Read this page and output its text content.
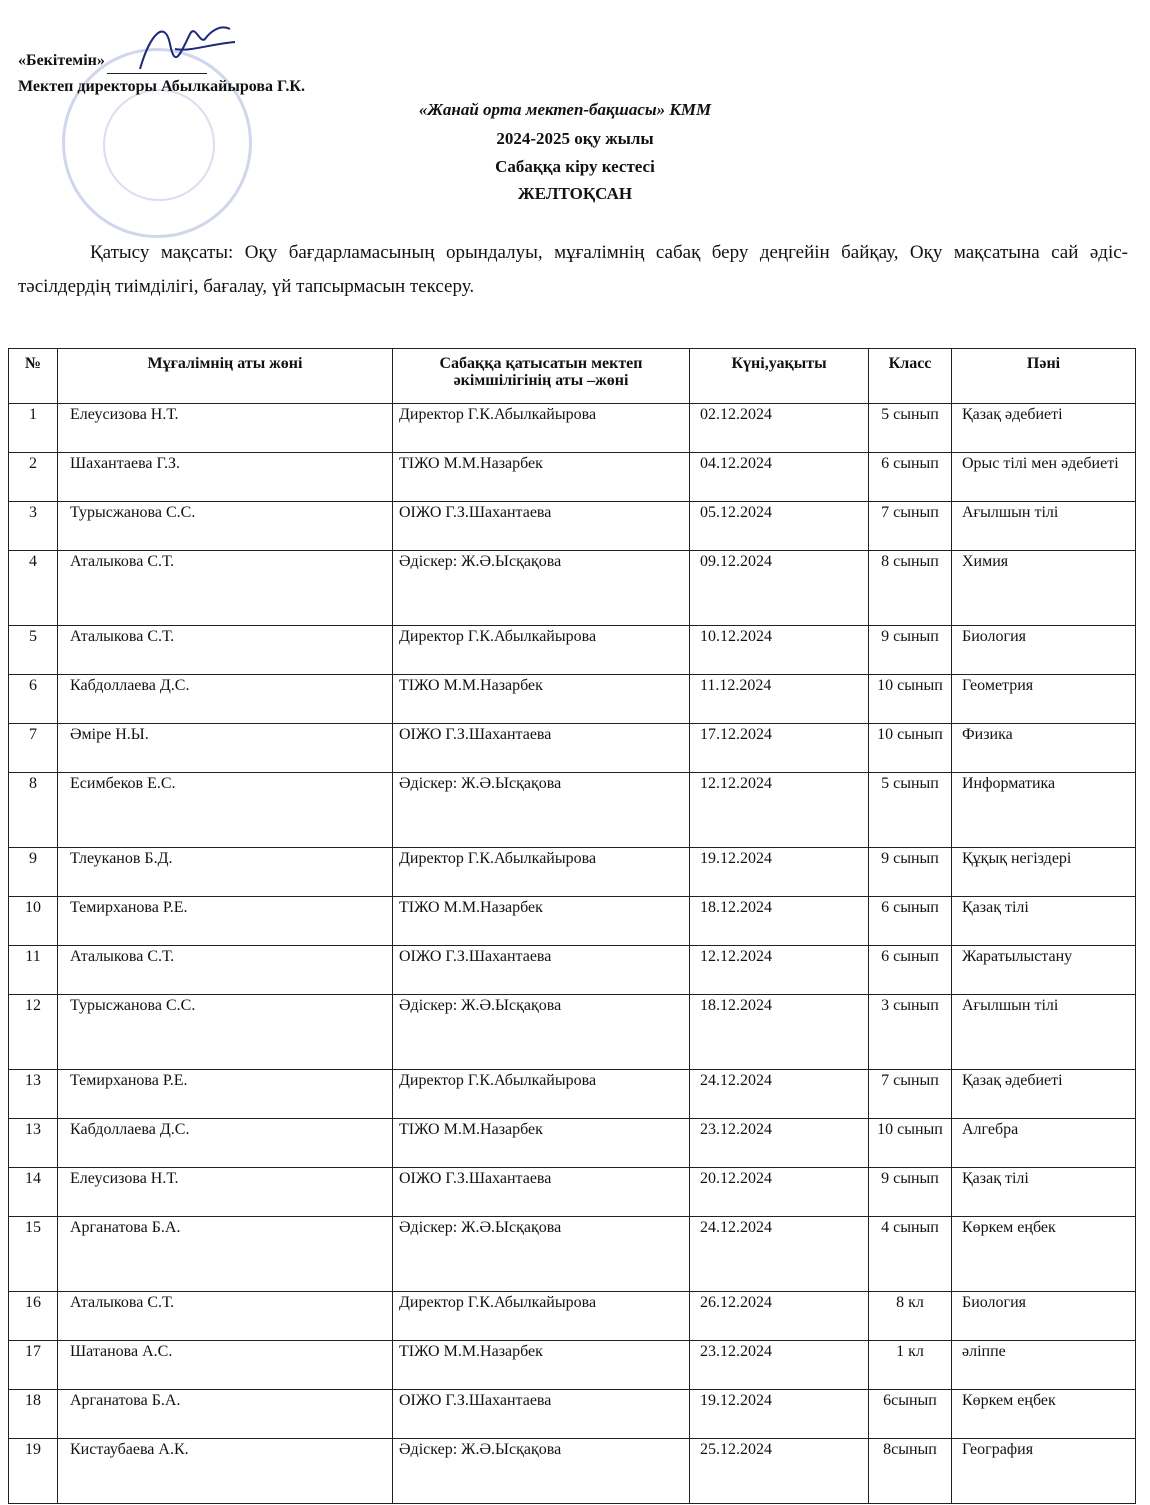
«Бекітемін»
Мектеп директоры Абылкайырова Г.К.
«Жанай орта мектеп-бақшасы» КММ
2024-2025 оқу жылы
Сабаққа кіру кестесі
ЖЕЛТОҚСАН
Қатысу мақсаты: Оқу бағдарламасының орындалуы, мұғалімнің сабақ беру деңгейін байқау, Оқу мақсатына сай әдіс-тәсілдердің тиімділігі, бағалау, үй тапсырмасын тексеру.
№	Мұғалімнің аты жөні	Сабаққа қатысатын мектеп әкімшілігінің аты –жөні	Күні,уақыты	Класс	Пәні
1	Елеусизова Н.Т.	Директор Г.К.Абылкайырова	02.12.2024	5 сынып	Қазақ әдебиеті
2	Шахантаева Г.З.	ТІЖО М.М.Назарбек	04.12.2024	6 сынып	Орыс тілі мен әдебиеті
3	Турысжанова С.С.	ОІЖО Г.З.Шахантаева	05.12.2024	7 сынып	Ағылшын тілі
4	Аталыкова С.Т.	Әдіскер: Ж.Ә.Ысқақова	09.12.2024	8 сынып	Химия
5	Аталыкова С.Т.	Директор Г.К.Абылкайырова	10.12.2024	9 сынып	Биология
6	Кабдоллаева Д.С.	ТІЖО М.М.Назарбек	11.12.2024	10 сынып	Геометрия
7	Әміре Н.Ы.	ОІЖО Г.З.Шахантаева	17.12.2024	10 сынып	Физика
8	Есимбеков Е.С.	Әдіскер: Ж.Ә.Ысқақова	12.12.2024	5 сынып	Информатика
9	Тлеуканов Б.Д.	Директор Г.К.Абылкайырова	19.12.2024	9 сынып	Құқық негіздері
10	Темирханова Р.Е.	ТІЖО М.М.Назарбек	18.12.2024	6 сынып	Қазақ тілі
11	Аталыкова С.Т.	ОІЖО Г.З.Шахантаева	12.12.2024	6 сынып	Жаратылыстану
12	Турысжанова С.С.	Әдіскер: Ж.Ә.Ысқақова	18.12.2024	3 сынып	Ағылшын тілі
13	Темирханова Р.Е.	Директор Г.К.Абылкайырова	24.12.2024	7 сынып	Қазақ әдебиеті
13	Кабдоллаева Д.С.	ТІЖО М.М.Назарбек	23.12.2024	10 сынып	Алгебра
14	Елеусизова Н.Т.	ОІЖО Г.З.Шахантаева	20.12.2024	9 сынып	Қазақ тілі
15	Арганатова Б.А.	Әдіскер: Ж.Ә.Ысқақова	24.12.2024	4 сынып	Көркем еңбек
16	Аталыкова С.Т.	Директор Г.К.Абылкайырова	26.12.2024	8 кл	Биология
17	Шатанова А.С.	ТІЖО М.М.Назарбек	23.12.2024	1 кл	әліппе
18	Арганатова Б.А.	ОІЖО Г.З.Шахантаева	19.12.2024	6сынып	Көркем еңбек
19	Кистаубаева А.К.	Әдіскер: Ж.Ә.Ысқақова	25.12.2024	8сынып	География
